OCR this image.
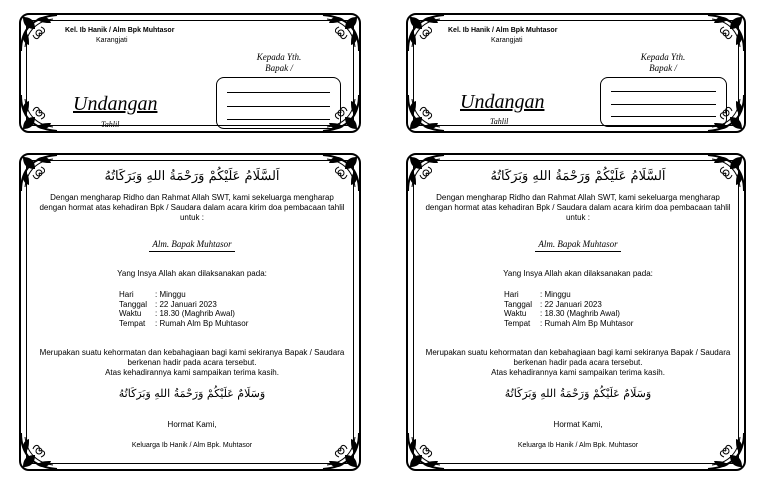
Kel. Ib Hanik / Alm Bpk Muhtasor
Karangjati
Kepada Yth.
Bapak /
Undangan
Tahlil
Kel. Ib Hanik / Alm Bpk Muhtasor
Karangjati
Kepada Yth.
Bapak /
Undangan
Tahlil
اَلسَّلَامُ عَلَيْكُمْ وَرَحْمَةُ اللهِ وَبَرَكَاتُهُ
Dengan mengharap Ridho dan Rahmat Allah SWT, kami sekeluarga mengharap
dengan hormat atas kehadiran Bpk / Saudara dalam acara kirim doa pembacaan tahlil
untuk :
Alm. Bapak Muhtasor
Yang Insya Allah akan dilaksanakan pada:
Hari	: Minggu
Tanggal : 22 Januari 2023
Waktu : 18.30 (Maghrib Awal)
Tempat : Rumah Alm Bp Muhtasor
Merupakan suatu kehormatan dan kebahagiaan bagi kami sekiranya Bapak / Saudara
berkenan hadir pada acara tersebut.
Atas kehadirannya kami sampaikan terima kasih.
وَسَلَامٌ عَلَيْكُمْ وَرَحْمَةُ اللهِ وَبَرَكَاتُهُ
Hormat Kami,
Keluarga Ib Hanik / Alm Bpk. Muhtasor
اَلسَّلَامُ عَلَيْكُمْ وَرَحْمَةُ اللهِ وَبَرَكَاتُهُ
Dengan mengharap Ridho dan Rahmat Allah SWT, kami sekeluarga mengharap
dengan hormat atas kehadiran Bpk / Saudara dalam acara kirim doa pembacaan tahlil
untuk :
Alm. Bapak Muhtasor
Yang Insya Allah akan dilaksanakan pada:
Hari	: Minggu
Tanggal : 22 Januari 2023
Waktu : 18.30 (Maghrib Awal)
Tempat : Rumah Alm Bp Muhtasor
Merupakan suatu kehormatan dan kebahagiaan bagi kami sekiranya Bapak / Saudara
berkenan hadir pada acara tersebut.
Atas kehadirannya kami sampaikan terima kasih.
وَسَلَامٌ عَلَيْكُمْ وَرَحْمَةُ اللهِ وَبَرَكَاتُهُ
Hormat Kami,
Keluarga Ib Hanik / Alm Bpk. Muhtasor
